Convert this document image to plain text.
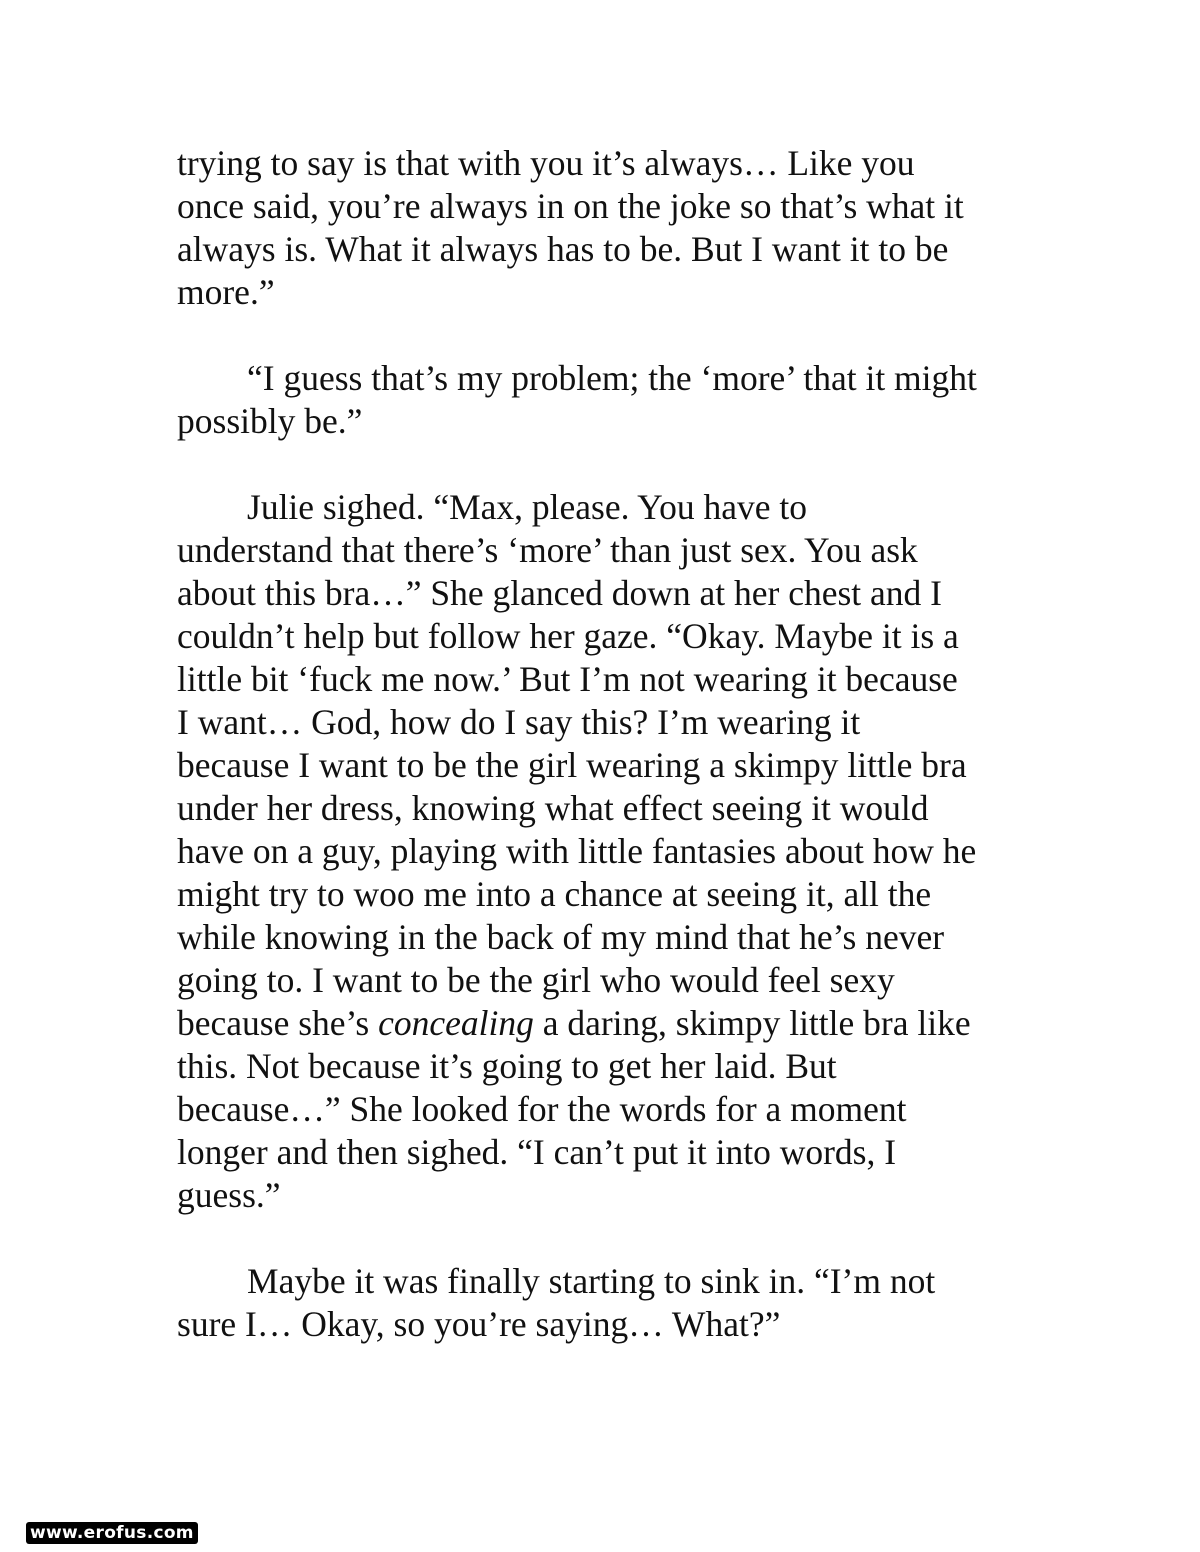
trying to say is that with you it’s always… Like you
once said, you’re always in on the joke so that’s what it
always is. What it always has to be. But I want it to be
more.”

“I guess that’s my problem; the ‘more’ that it might
possibly be.”

Julie sighed. “Max, please. You have to
understand that there’s ‘more’ than just sex. You ask
about this bra…” She glanced down at her chest and I
couldn’t help but follow her gaze. “Okay. Maybe it is a
little bit ‘fuck me now.’ But I’m not wearing it because
I want… God, how do I say this? I’m wearing it
because I want to be the girl wearing a skimpy little bra
under her dress, knowing what effect seeing it would
have on a guy, playing with little fantasies about how he
might try to woo me into a chance at seeing it, all the
while knowing in the back of my mind that he’s never
going to. I want to be the girl who would feel sexy
because she’s concealing a daring, skimpy little bra like
this. Not because it’s going to get her laid. But
because…” She looked for the words for a moment
longer and then sighed. “I can’t put it into words, I
guess.”

Maybe it was finally starting to sink in. “I’m not
sure I… Okay, so you’re saying… What?”

www.erofus.com
